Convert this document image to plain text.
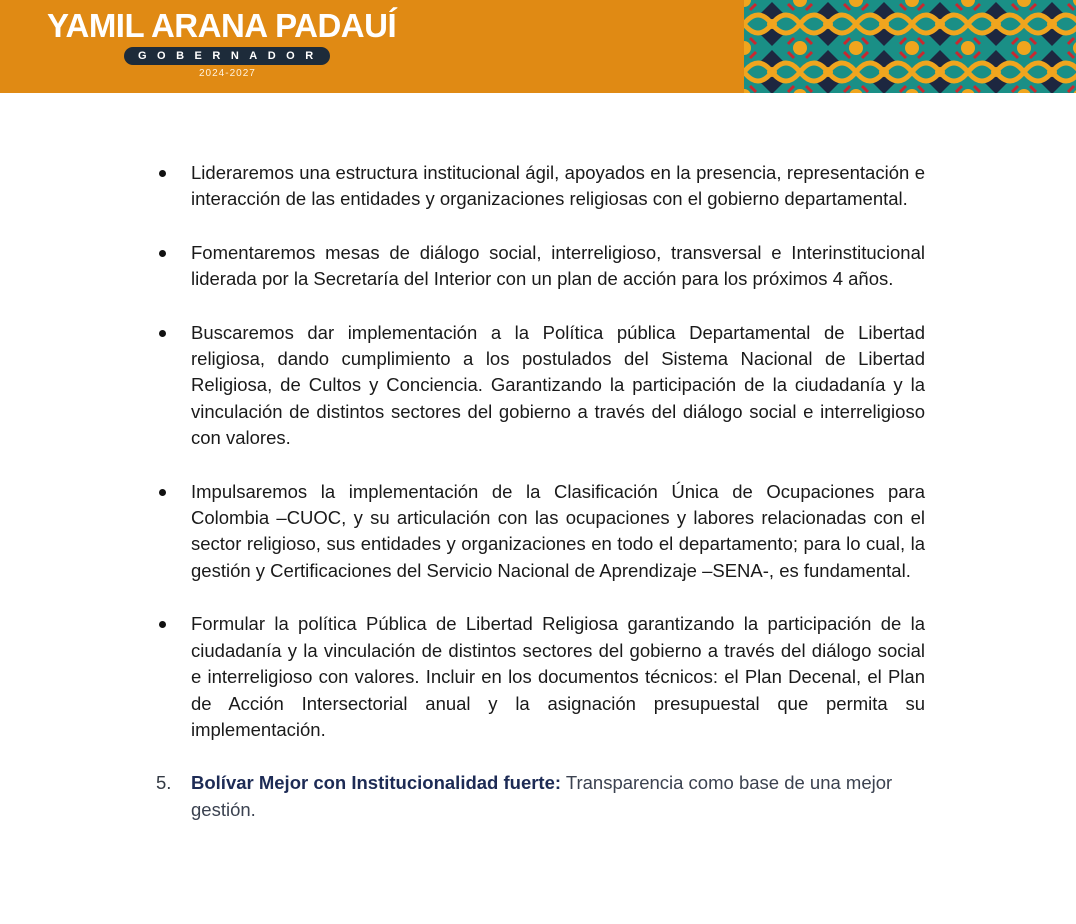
YAMIL ARANA PADAUÍ
GOBERNADOR
2024-2027
Lideraremos una estructura institucional ágil, apoyados en la presencia, representación e interacción de las entidades y organizaciones religiosas con el gobierno departamental.
Fomentaremos mesas de diálogo social, interreligioso, transversal e Interinstitucional liderada por la Secretaría del Interior con un plan de acción para los próximos 4 años.
Buscaremos dar implementación a la Política pública Departamental de Libertad religiosa, dando cumplimiento a los postulados del Sistema Nacional de Libertad Religiosa, de Cultos y Conciencia. Garantizando la participación de la ciudadanía y la vinculación de distintos sectores del gobierno a través del diálogo social e interreligioso con valores.
Impulsaremos la implementación de la Clasificación Única de Ocupaciones para Colombia –CUOC, y su articulación con las ocupaciones y labores relacionadas con el sector religioso, sus entidades y organizaciones en todo el departamento; para lo cual, la gestión y Certificaciones del Servicio Nacional de Aprendizaje –SENA-, es fundamental.
Formular la política Pública de Libertad Religiosa garantizando la participación de la ciudadanía y la vinculación de distintos sectores del gobierno a través del diálogo social e interreligioso con valores. Incluir en los documentos técnicos: el Plan Decenal, el Plan de Acción Intersectorial anual y la asignación presupuestal que permita su implementación.
5. Bolívar Mejor con Institucionalidad fuerte: Transparencia como base de una mejor gestión.
